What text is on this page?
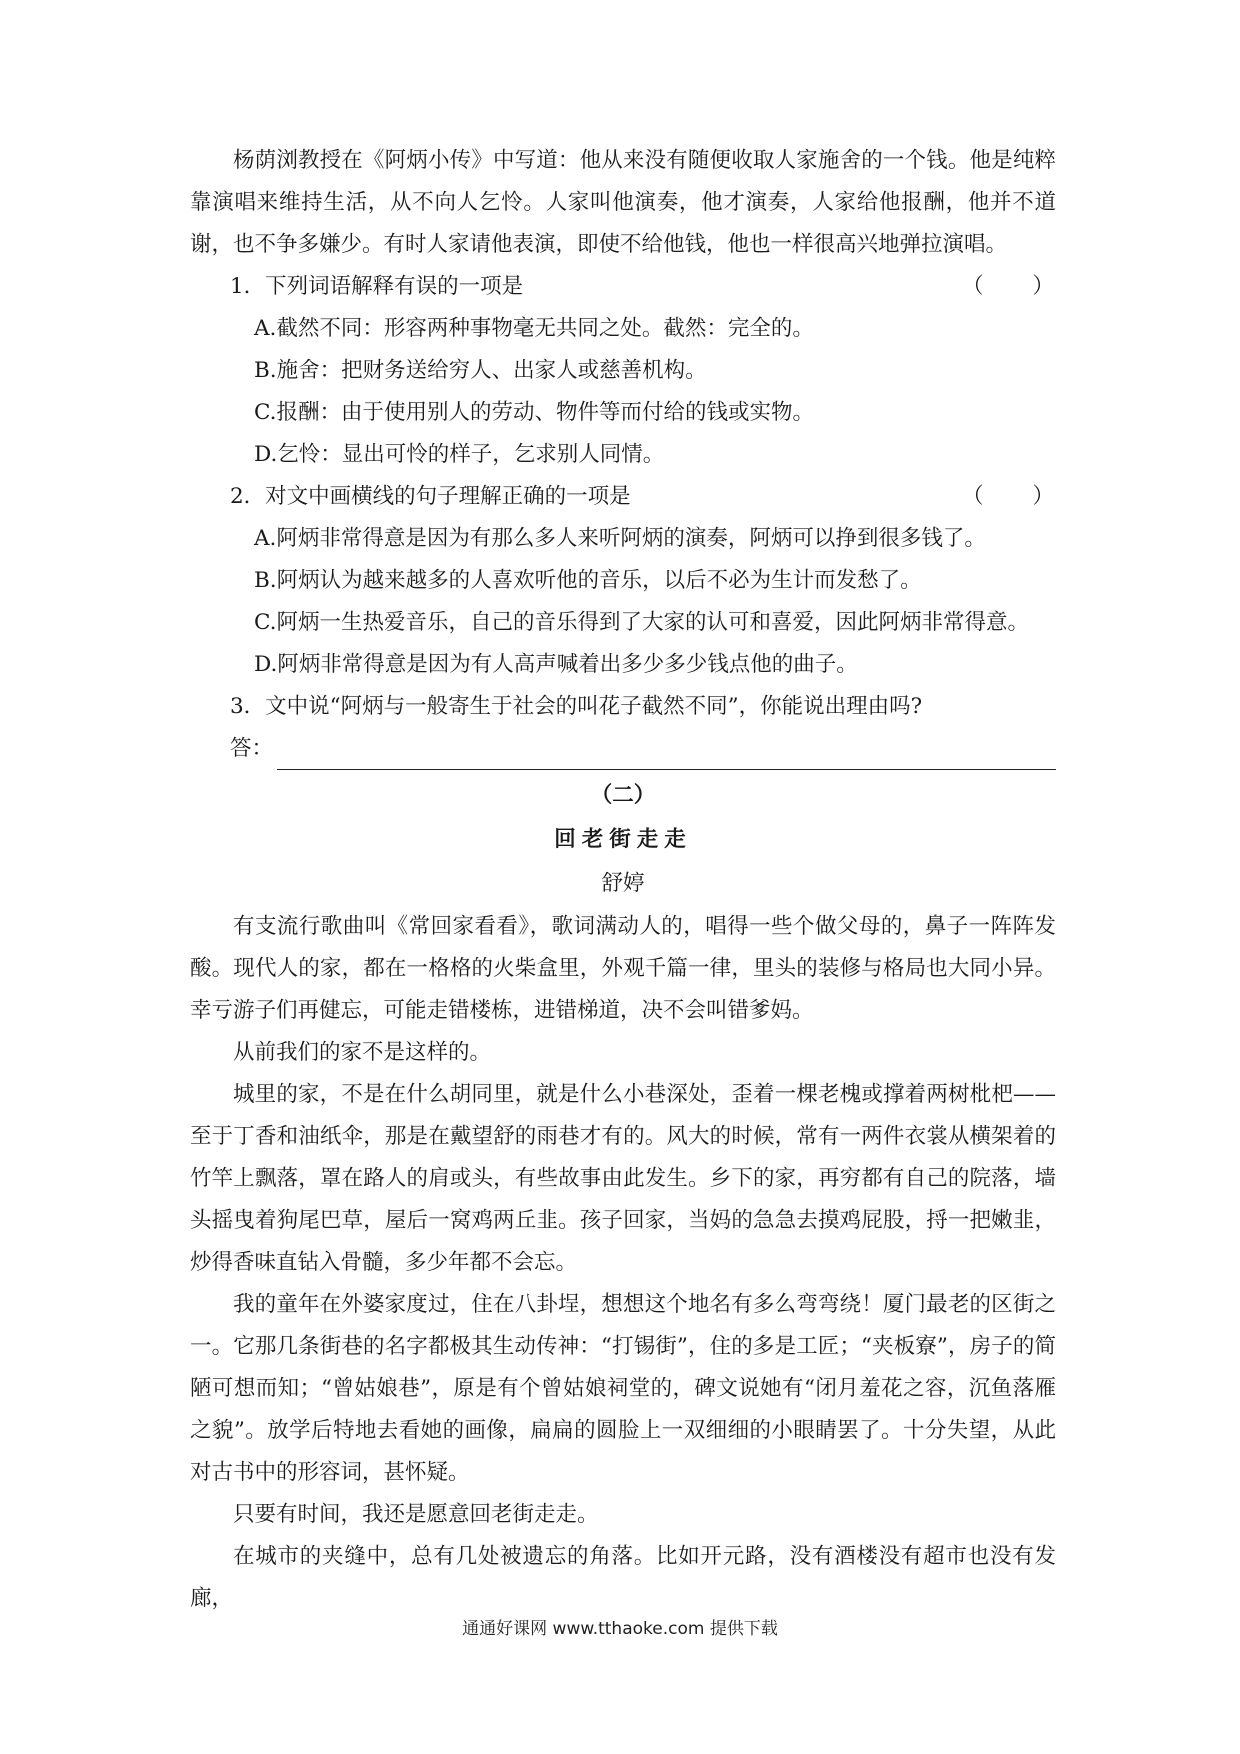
杨荫浏教授在《阿炳小传》中写道：他从来没有随便收取人家施舍的一个钱。他是纯粹靠演唱来维持生活，从不向人乞怜。人家叫他演奏，他才演奏，人家给他报酬，他并不道谢，也不争多嫌少。有时人家请他表演，即使不给他钱，他也一样很高兴地弹拉演唱。

1．下列词语解释有误的一项是	（　　）

A.截然不同：形容两种事物毫无共同之处。截然：完全的。

B.施舍：把财务送给穷人、出家人或慈善机构。

C.报酬：由于使用别人的劳动、物件等而付给的钱或实物。

D.乞怜：显出可怜的样子，乞求别人同情。

2．对文中画横线的句子理解正确的一项是	（　　）

A.阿炳非常得意是因为有那么多人来听阿炳的演奏，阿炳可以挣到很多钱了。

B.阿炳认为越来越多的人喜欢听他的音乐，以后不必为生计而发愁了。

C.阿炳一生热爱音乐，自己的音乐得到了大家的认可和喜爱，因此阿炳非常得意。

D.阿炳非常得意是因为有人高声喊着出多少多少钱点他的曲子。

3．文中说“阿炳与一般寄生于社会的叫花子截然不同”，你能说出理由吗?

答：

（二）

回老街走走

舒婷

有支流行歌曲叫《常回家看看》，歌词满动人的，唱得一些个做父母的，鼻子一阵阵发酸。现代人的家，都在一格格的火柴盒里，外观千篇一律，里头的装修与格局也大同小异。幸亏游子们再健忘，可能走错楼栋，进错梯道，决不会叫错爹妈。

从前我们的家不是这样的。

城里的家，不是在什么胡同里，就是什么小巷深处，歪着一棵老槐或撑着两树枇杷——至于丁香和油纸伞，那是在戴望舒的雨巷才有的。风大的时候，常有一两件衣裳从横架着的竹竿上飘落，罩在路人的肩或头，有些故事由此发生。乡下的家，再穷都有自己的院落，墙头摇曳着狗尾巴草，屋后一窝鸡两丘韭。孩子回家，当妈的急急去摸鸡屁股，捋一把嫩韭，炒得香味直钻入骨髓，多少年都不会忘。

我的童年在外婆家度过，住在八卦埕，想想这个地名有多么弯弯绕！厦门最老的区街之一。它那几条街巷的名字都极其生动传神：“打锡街”，住的多是工匠；“夹板寮”，房子的简陋可想而知；“曾姑娘巷”，原是有个曾姑娘祠堂的，碑文说她有“闭月羞花之容，沉鱼落雁之貌”。放学后特地去看她的画像，扁扁的圆脸上一双细细的小眼睛罢了。十分失望，从此对古书中的形容词，甚怀疑。

只要有时间，我还是愿意回老街走走。

在城市的夹缝中，总有几处被遗忘的角落。比如开元路，没有酒楼没有超市也没有发廊，

通通好课网 www.tthaoke.com 提供下载
